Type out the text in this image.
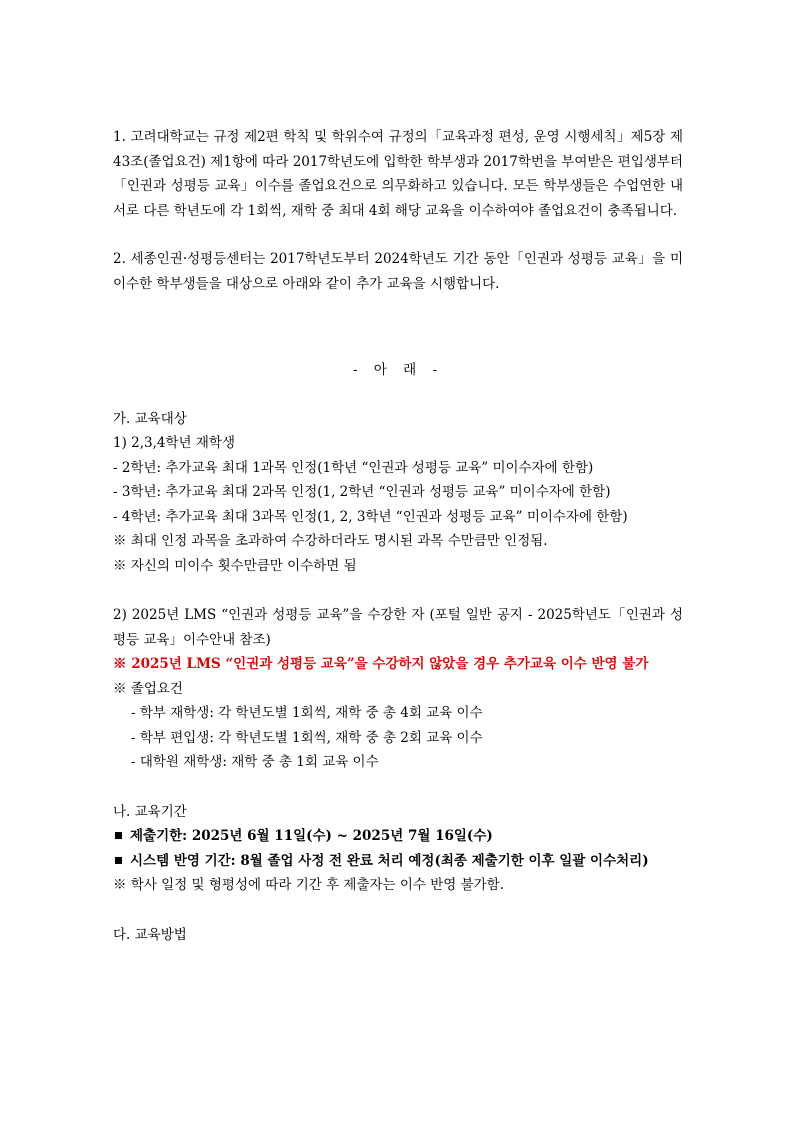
1. 고려대학교는 규정 제2편 학칙 및 학위수여 규정의「교육과정 편성, 운영 시행세칙」제5장 제43조(졸업요건) 제1항에 따라 2017학년도에 입학한 학부생과 2017학번을 부여받은 편입생부터「인권과 성평등 교육」이수를 졸업요건으로 의무화하고 있습니다. 모든 학부생들은 수업연한 내 서로 다른 학년도에 각 1회씩, 재학 중 최대 4회 해당 교육을 이수하여야 졸업요건이 충족됩니다.

2. 세종인권·성평등센터는 2017학년도부터 2024학년도 기간 동안「인권과 성평등 교육」을 미이수한 학부생들을 대상으로 아래와 같이 추가 교육을 시행합니다.

- 아 래 -

가. 교육대상

1) 2,3,4학년 재학생

- 2학년: 추가교육 최대 1과목 인정(1학년 “인권과 성평등 교육” 미이수자에 한함)

- 3학년: 추가교육 최대 2과목 인정(1, 2학년 “인권과 성평등 교육” 미이수자에 한함)

- 4학년: 추가교육 최대 3과목 인정(1, 2, 3학년 “인권과 성평등 교육” 미이수자에 한함)

※ 최대 인정 과목을 초과하여 수강하더라도 명시된 과목 수만큼만 인정됨.

※ 자신의 미이수 횟수만큼만 이수하면 됨

2) 2025년 LMS “인권과 성평등 교육”을 수강한 자 (포털 일반 공지 - 2025학년도「인권과 성평등 교육」이수안내 참조)

※ 2025년 LMS “인권과 성평등 교육”을 수강하지 않았을 경우 추가교육 이수 반영 불가

※ 졸업요건

- 학부 재학생: 각 학년도별 1회씩, 재학 중 총 4회 교육 이수

- 학부 편입생: 각 학년도별 1회씩, 재학 중 총 2회 교육 이수

- 대학원 재학생: 재학 중 총 1회 교육 이수

나. 교육기간

제출기한: 2025년 6월 11일(수) ~ 2025년 7월 16일(수)

시스템 반영 기간: 8월 졸업 사정 전 완료 처리 예정(최종 제출기한 이후 일괄 이수처리)

※ 학사 일정 및 형평성에 따라 기간 후 제출자는 이수 반영 불가함.

다. 교육방법
